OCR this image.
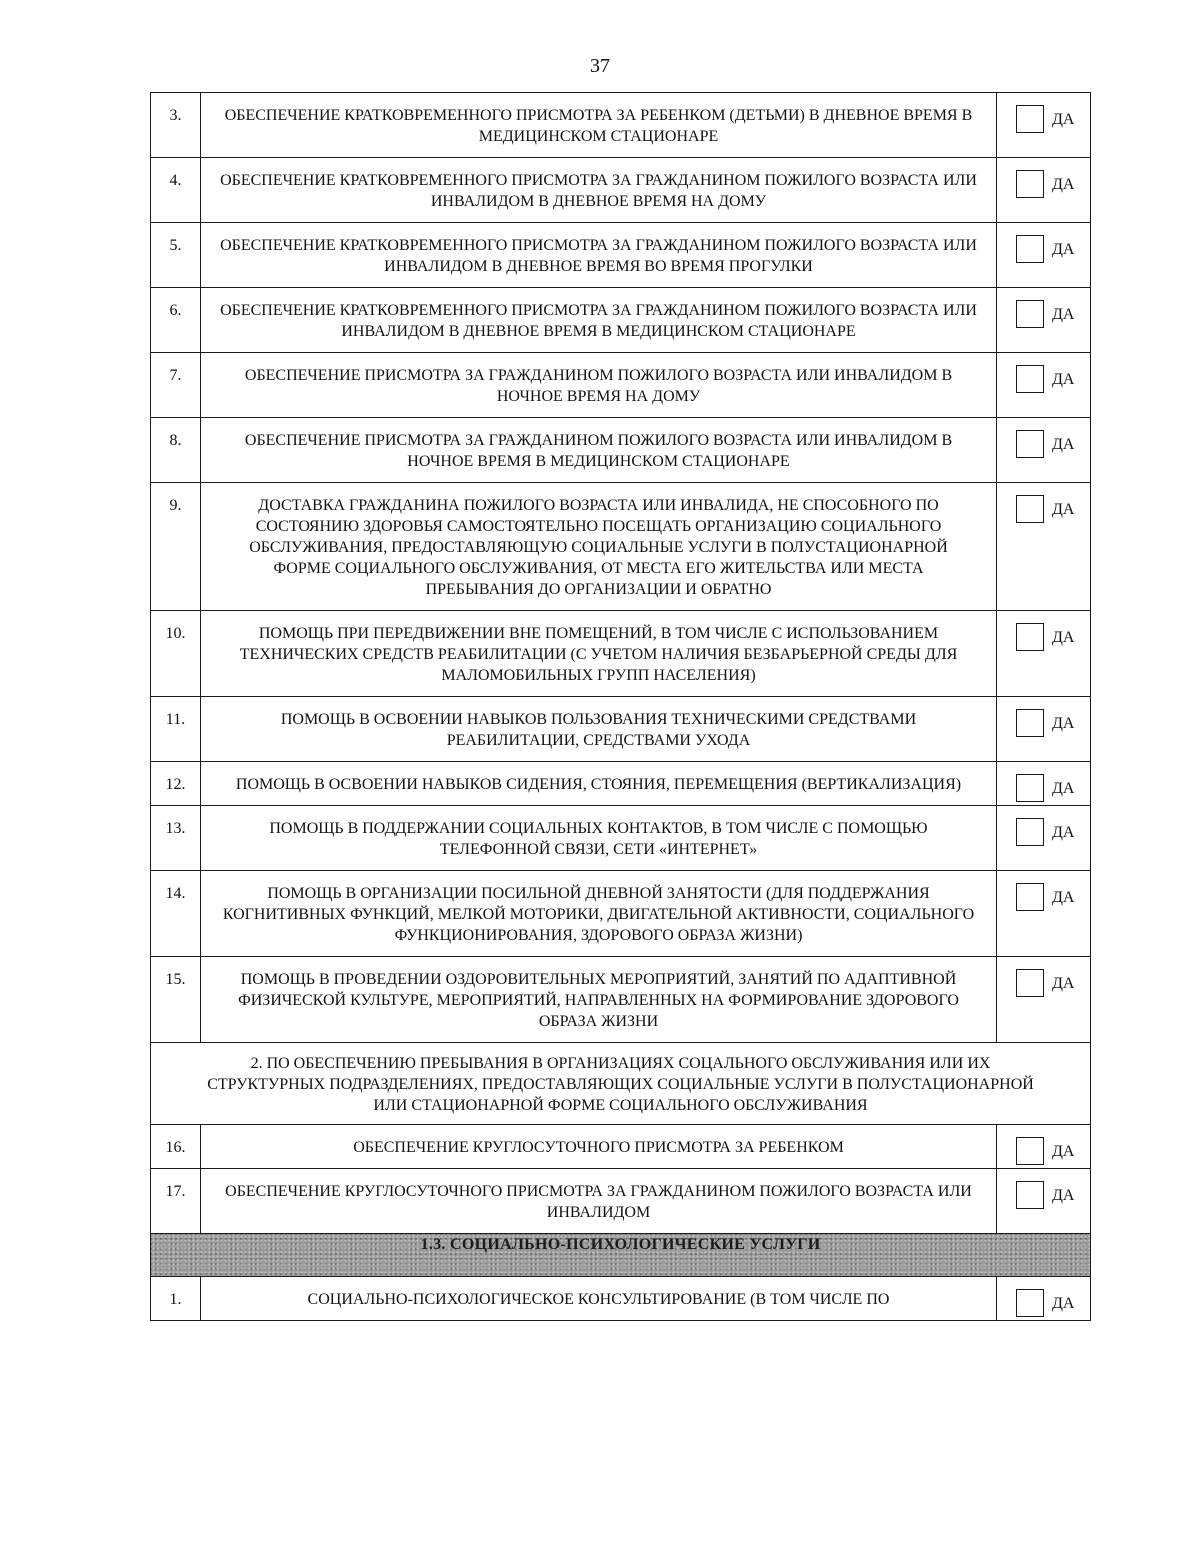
37
3.	ОБЕСПЕЧЕНИЕ КРАТКОВРЕМЕННОГО ПРИСМОТРА ЗА РЕБЕНКОМ (ДЕТЬМИ) В ДНЕВНОЕ ВРЕМЯ В МЕДИЦИНСКОМ СТАЦИОНАРЕ	ДА

4.	ОБЕСПЕЧЕНИЕ КРАТКОВРЕМЕННОГО ПРИСМОТРА ЗА ГРАЖДАНИНОМ ПОЖИЛОГО ВОЗРАСТА ИЛИ ИНВАЛИДОМ В ДНЕВНОЕ ВРЕМЯ НА ДОМУ	ДА

5.	ОБЕСПЕЧЕНИЕ КРАТКОВРЕМЕННОГО ПРИСМОТРА ЗА ГРАЖДАНИНОМ ПОЖИЛОГО ВОЗРАСТА ИЛИ ИНВАЛИДОМ В ДНЕВНОЕ ВРЕМЯ ВО ВРЕМЯ ПРОГУЛКИ	ДА

6.	ОБЕСПЕЧЕНИЕ КРАТКОВРЕМЕННОГО ПРИСМОТРА ЗА ГРАЖДАНИНОМ ПОЖИЛОГО ВОЗРАСТА ИЛИ ИНВАЛИДОМ В ДНЕВНОЕ ВРЕМЯ В МЕДИЦИНСКОМ СТАЦИОНАРЕ	ДА

7.	ОБЕСПЕЧЕНИЕ ПРИСМОТРА ЗА ГРАЖДАНИНОМ ПОЖИЛОГО ВОЗРАСТА ИЛИ ИНВАЛИДОМ В НОЧНОЕ ВРЕМЯ НА ДОМУ	ДА

8.	ОБЕСПЕЧЕНИЕ ПРИСМОТРА ЗА ГРАЖДАНИНОМ ПОЖИЛОГО ВОЗРАСТА ИЛИ ИНВАЛИДОМ В НОЧНОЕ ВРЕМЯ В МЕДИЦИНСКОМ СТАЦИОНАРЕ	ДА

9.	ДОСТАВКА ГРАЖДАНИНА ПОЖИЛОГО ВОЗРАСТА ИЛИ ИНВАЛИДА, НЕ СПОСОБНОГО ПО СОСТОЯНИЮ ЗДОРОВЬЯ САМОСТОЯТЕЛЬНО ПОСЕЩАТЬ ОРГАНИЗАЦИЮ СОЦИАЛЬНОГО ОБСЛУЖИВАНИЯ, ПРЕДОСТАВЛЯЮЩУЮ СОЦИАЛЬНЫЕ УСЛУГИ В ПОЛУСТАЦИОНАРНОЙ ФОРМЕ СОЦИАЛЬНОГО ОБСЛУЖИВАНИЯ, ОТ МЕСТА ЕГО ЖИТЕЛЬСТВА ИЛИ МЕСТА ПРЕБЫВАНИЯ ДО ОРГАНИЗАЦИИ И ОБРАТНО	ДА

10.	ПОМОЩЬ ПРИ ПЕРЕДВИЖЕНИИ ВНЕ ПОМЕЩЕНИЙ, В ТОМ ЧИСЛЕ С ИСПОЛЬЗОВАНИЕМ ТЕХНИЧЕСКИХ СРЕДСТВ РЕАБИЛИТАЦИИ (С УЧЕТОМ НАЛИЧИЯ БЕЗБАРЬЕРНОЙ СРЕДЫ ДЛЯ МАЛОМОБИЛЬНЫХ ГРУПП НАСЕЛЕНИЯ)	ДА

11.	ПОМОЩЬ В ОСВОЕНИИ НАВЫКОВ ПОЛЬЗОВАНИЯ ТЕХНИЧЕСКИМИ СРЕДСТВАМИ РЕАБИЛИТАЦИИ, СРЕДСТВАМИ УХОДА	ДА

12.	ПОМОЩЬ В ОСВОЕНИИ НАВЫКОВ СИДЕНИЯ, СТОЯНИЯ, ПЕРЕМЕЩЕНИЯ (ВЕРТИКАЛИЗАЦИЯ)	ДА

13.	ПОМОЩЬ В ПОДДЕРЖАНИИ СОЦИАЛЬНЫХ КОНТАКТОВ, В ТОМ ЧИСЛЕ С ПОМОЩЬЮ ТЕЛЕФОННОЙ СВЯЗИ, СЕТИ «ИНТЕРНЕТ»	ДА

14.	ПОМОЩЬ В ОРГАНИЗАЦИИ ПОСИЛЬНОЙ ДНЕВНОЙ ЗАНЯТОСТИ (ДЛЯ ПОДДЕРЖАНИЯ КОГНИТИВНЫХ ФУНКЦИЙ, МЕЛКОЙ МОТОРИКИ, ДВИГАТЕЛЬНОЙ АКТИВНОСТИ, СОЦИАЛЬНОГО ФУНКЦИОНИРОВАНИЯ, ЗДОРОВОГО ОБРАЗА ЖИЗНИ)	ДА

15.	ПОМОЩЬ В ПРОВЕДЕНИИ ОЗДОРОВИТЕЛЬНЫХ МЕРОПРИЯТИЙ, ЗАНЯТИЙ ПО АДАПТИВНОЙ ФИЗИЧЕСКОЙ КУЛЬТУРЕ, МЕРОПРИЯТИЙ, НАПРАВЛЕННЫХ НА ФОРМИРОВАНИЕ ЗДОРОВОГО ОБРАЗА ЖИЗНИ	ДА

2. ПО ОБЕСПЕЧЕНИЮ ПРЕБЫВАНИЯ В ОРГАНИЗАЦИЯХ СОЦАЛЬНОГО ОБСЛУЖИВАНИЯ ИЛИ ИХ СТРУКТУРНЫХ ПОДРАЗДЕЛЕНИЯХ, ПРЕДОСТАВЛЯЮЩИХ СОЦИАЛЬНЫЕ УСЛУГИ В ПОЛУСТАЦИОНАРНОЙ ИЛИ СТАЦИОНАРНОЙ ФОРМЕ СОЦИАЛЬНОГО ОБСЛУЖИВАНИЯ		
16.	ОБЕСПЕЧЕНИЕ КРУГЛОСУТОЧНОГО ПРИСМОТРА ЗА РЕБЕНКОМ	ДА

17.	ОБЕСПЕЧЕНИЕ КРУГЛОСУТОЧНОГО ПРИСМОТРА ЗА ГРАЖДАНИНОМ ПОЖИЛОГО ВОЗРАСТА ИЛИ ИНВАЛИДОМ	ДА

1.3. СОЦИАЛЬНО-ПСИХОЛОГИЧЕСКИЕ УСЛУГИ		
1.	СОЦИАЛЬНО-ПСИХОЛОГИЧЕСКОЕ КОНСУЛЬТИРОВАНИЕ (В ТОМ ЧИСЛЕ ПО	ДА
